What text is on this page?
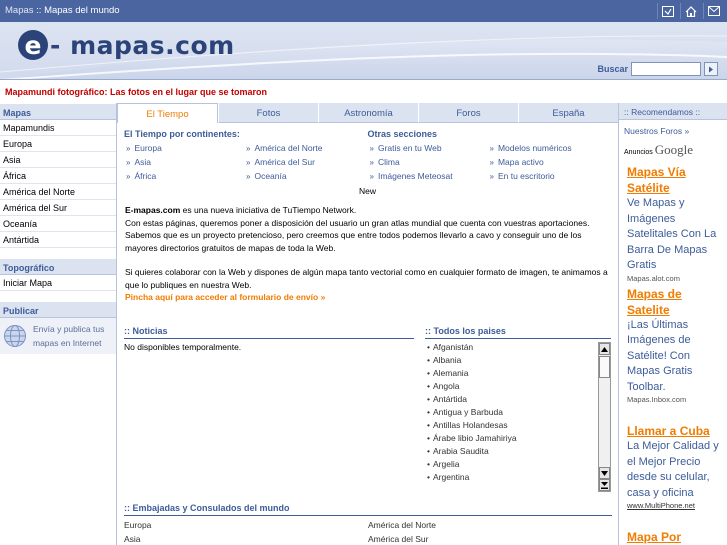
Mapas :: Mapas del mundo
e - mapas.com
Buscar
Mapamundi fotográfico: Las fotos en el lugar que se tomaron
Mapas
Mapamundis
Europa
Asia
África
América del Norte
América del Sur
Oceanía
Antártida
Topográfico
Iniciar Mapa
Publicar
Envía y publica tus mapas en Internet
El Tiempo	Fotos	Astronomía	Foros	España
El Tiempo por continentes:
» Europa	» América del Norte
» Asia	» América del Sur
» África	» Oceanía
Otras secciones
» Gratis en tu Web	» Modelos numéricos
» Clima	» Mapa activo
» Imágenes Meteosat	» En tu escritorio
New
E-mapas.com es una nueva iniciativa de TuTiempo Network.
Con estas páginas, queremos poner a disposición del usuario un gran atlas mundial que cuenta con vuestras aportaciones. Sabemos que es un proyecto pretencioso, pero creemos que entre todos podemos llevarlo a cavo y conseguir uno de los mayores directorios gratuitos de mapas de toda la Web.
Si quieres colaborar con la Web y dispones de algún mapa tanto vectorial como en cualquier formato de imagen, te animamos a que lo publiques en nuestra Web.
Pincha aquí para acceder al formulario de envío »
:: Noticias
No disponibles temporalmente.
:: Todos los paises
• Afganistán
• Albania
• Alemania
• Angola
• Antártida
• Antigua y Barbuda
• Antillas Holandesas
• Árabe libio Jamahiriya
• Arabia Saudita
• Argelia
• Argentina
:: Embajadas y Consulados del mundo
Europa	América del Norte
Asia	América del Sur
:: Recomendamos ::
Nuestros Foros »
Anuncios Google
Mapas Vía Satélite
Ve Mapas y Imágenes Satelitales Con La Barra De Mapas Gratis
Mapas.alot.com
Mapas de Satelite
¡Las Últimas Imágenes de Satélite! Con Mapas Gratis Toolbar.
Mapas.Inbox.com
Llamar a Cuba
La Mejor Calidad y el Mejor Precio desde su celular, casa y oficina
www.MultiPhone.net
Mapa Por
